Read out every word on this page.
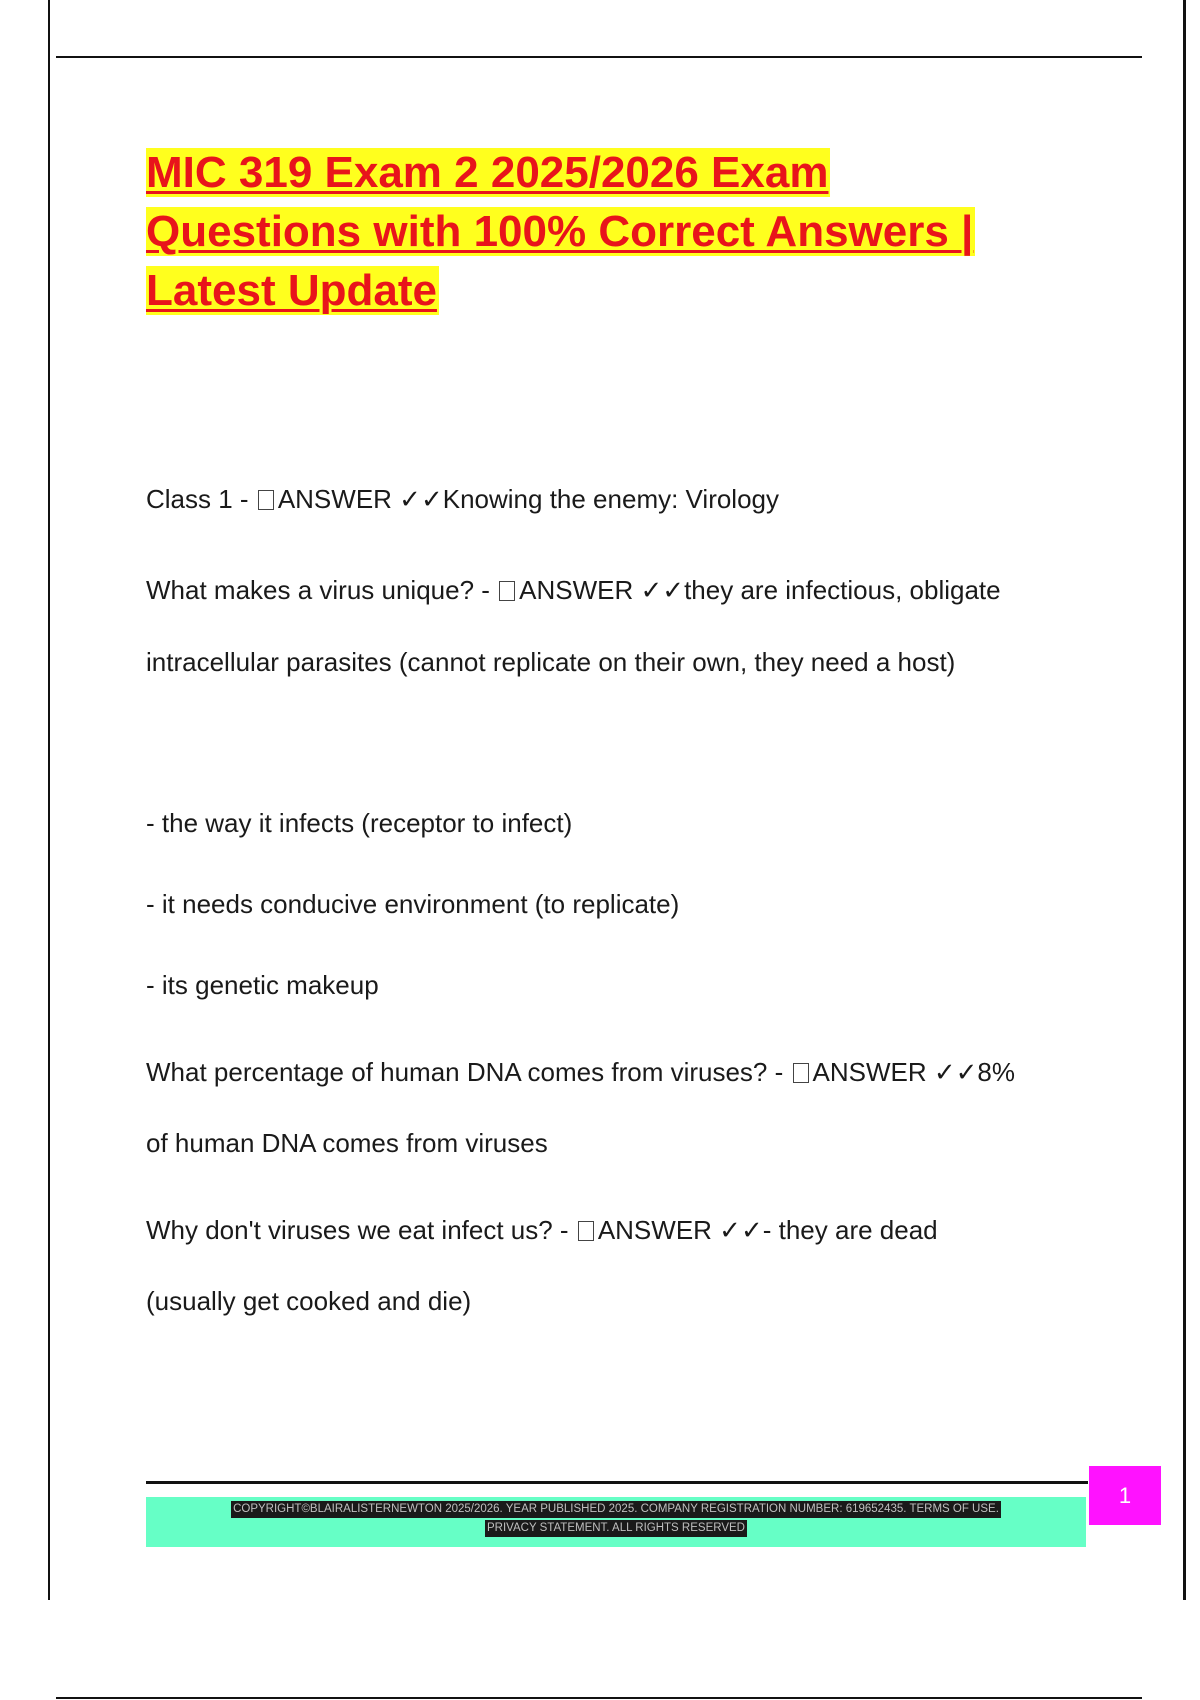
MIC 319 Exam 2 2025/2026 Exam
Questions with 100% Correct Answers |
Latest Update

Class 1 - ANSWER ✓✓Knowing the enemy: Virology

What makes a virus unique? - ANSWER ✓✓they are infectious, obligate

intracellular parasites (cannot replicate on their own, they need a host)

- the way it infects (receptor to infect)

- it needs conducive environment (to replicate)

- its genetic makeup

What percentage of human DNA comes from viruses? - ANSWER ✓✓8%

of human DNA comes from viruses

Why don't viruses we eat infect us? - ANSWER ✓✓- they are dead

(usually get cooked and die)

COPYRIGHT©BLAIRALISTERNEWTON 2025/2026. YEAR PUBLISHED 2025. COMPANY REGISTRATION NUMBER: 619652435. TERMS OF USE.
PRIVACY STATEMENT. ALL RIGHTS RESERVED
1
